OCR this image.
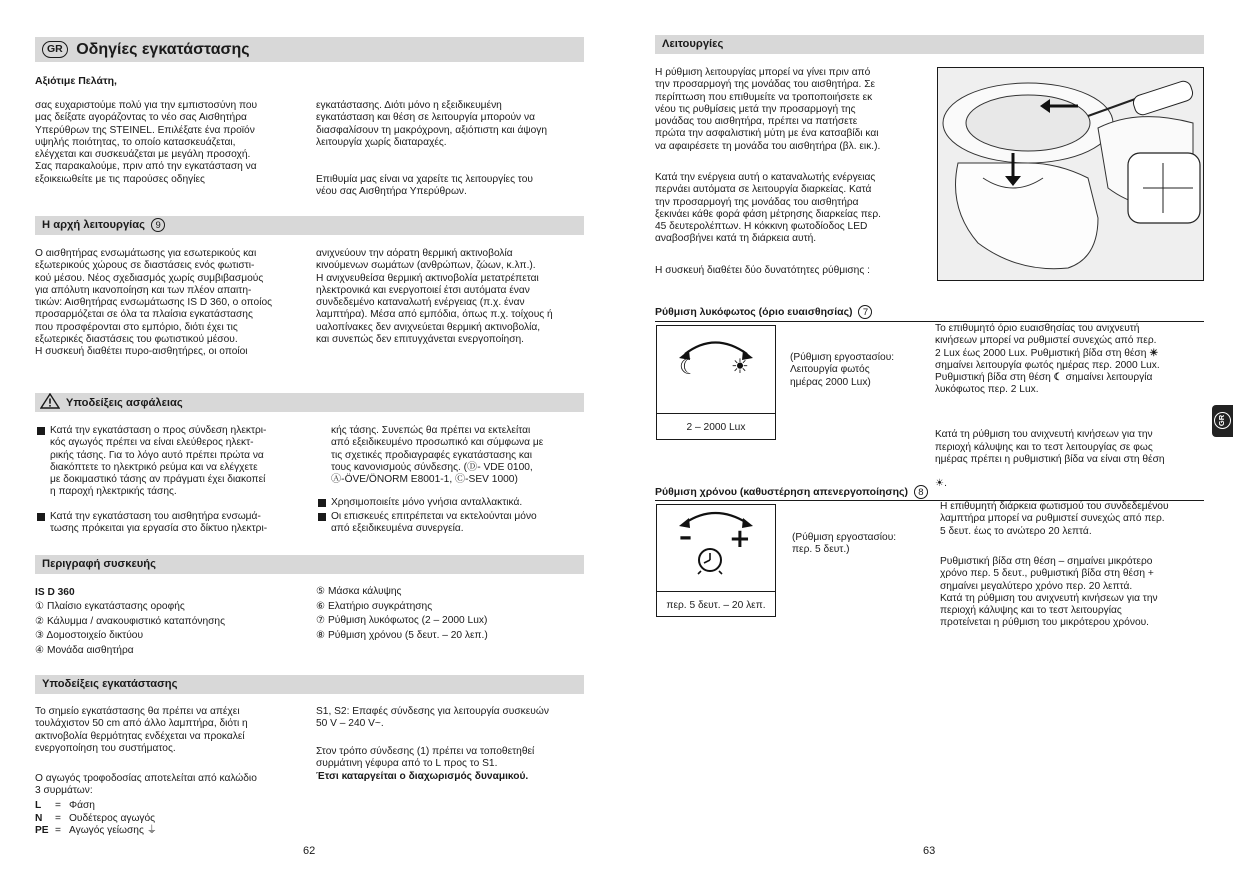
GR Οδηγίες εγκατάστασης
Αξιότιμε Πελάτη,

σας ευχαριστούμε πολύ για την εμπιστοσύνη που
μας δείξατε αγοράζοντας το νέο σας Αισθητήρα
Υπερύθρων της STEINEL. Επιλέξατε ένα προϊόν
υψηλής ποιότητας, το οποίο κατασκευάζεται,
ελέγχεται και συσκευάζεται με μεγάλη προσοχή.
Σας παρακαλούμε, πριν από την εγκατάσταση να
εξοικειωθείτε με τις παρούσες οδηγίες

εγκατάστασης. Διότι μόνο η εξειδικευμένη
εγκατάσταση και θέση σε λειτουργία μπορούν να
διασφαλίσουν τη μακρόχρονη, αξιόπιστη και άψογη
λειτουργία χωρίς διαταραχές.

Επιθυμία μας είναι να χαρείτε τις λειτουργίες του
νέου σας Αισθητήρα Υπερύθρων.

Η αρχή λειτουργίας 9

Ο αισθητήρας ενσωμάτωσης για εσωτερικούς και
εξωτερικούς χώρους σε διαστάσεις ενός φωτιστι-
κού μέσου. Νέος σχεδιασμός χωρίς συμβιβασμούς
για απόλυτη ικανοποίηση και των πλέον απαιτη-
τικών: Αισθητήρας ενσωμάτωσης IS D 360, ο οποίος
προσαρμόζεται σε όλα τα πλαίσια εγκατάστασης
που προσφέρονται στο εμπόριο, διότι έχει τις
εξωτερικές διαστάσεις του φωτιστικού μέσου.
Η συσκευή διαθέτει πυρο-αισθητήρες, οι οποίοι

ανιχνεύουν την αόρατη θερμική ακτινοβολία
κινούμενων σωμάτων (ανθρώπων, ζώων, κ.λπ.).
Η ανιχνευθείσα θερμική ακτινοβολία μετατρέπεται
ηλεκτρονικά και ενεργοποιεί έτσι αυτόματα έναν
συνδεδεμένο καταναλωτή ενέργειας (π.χ. έναν
λαμπτήρα). Μέσα από εμπόδια, όπως π.χ. τοίχους ή
υαλοπίνακες δεν ανιχνεύεται θερμική ακτινοβολία,
και συνεπώς δεν επιτυγχάνεται ενεργοποίηση.

Υποδείξεις ασφάλειας

Κατά την εγκατάσταση ο προς σύνδεση ηλεκτρι-
κός αγωγός πρέπει να είναι ελεύθερος ηλεκτ-
ρικής τάσης. Για το λόγο αυτό πρέπει πρώτα να
διακόπτετε το ηλεκτρικό ρεύμα και να ελέγχετε
με δοκιμαστικό τάσης αν πράγματι έχει διακοπεί
η παροχή ηλεκτρικής τάσης.

Κατά την εγκατάσταση του αισθητήρα ενσωμά-
τωσης πρόκειται για εργασία στο δίκτυο ηλεκτρι-

κής τάσης. Συνεπώς θα πρέπει να εκτελείται
από εξειδικευμένο προσωπικό και σύμφωνα με
τις σχετικές προδιαγραφές εγκατάστασης και
τους κανονισμούς σύνδεσης. (Ⓓ- VDE 0100,
Ⓐ-ÖVE/ÖNORM E8001-1, Ⓒ-SEV 1000)

Χρησιμοποιείτε μόνο γνήσια ανταλλακτικά.

Οι επισκευές επιτρέπεται να εκτελούνται μόνο
από εξειδικευμένα συνεργεία.

Περιγραφή συσκευής
IS D 360
① Πλαίσιο εγκατάστασης οροφής
② Κάλυμμα / ανακουφιστικό καταπόνησης
③ Δομοστοιχείο δικτύου
④ Μονάδα αισθητήρα
⑤ Μάσκα κάλυψης
⑥ Ελατήριο συγκράτησης
⑦ Ρύθμιση λυκόφωτος (2 – 2000 Lux)
⑧ Ρύθμιση χρόνου (5 δευτ. – 20 λεπ.)
Υποδείξεις εγκατάστασης

Το σημείο εγκατάστασης θα πρέπει να απέχει
τουλάχιστον 50 cm από άλλο λαμπτήρα, διότι η
ακτινοβολία θερμότητας ενδέχεται να προκαλεί
ενεργοποίηση του συστήματος.

Ο αγωγός τροφοδοσίας αποτελείται από καλώδιο
3 συρμάτων:

L = Φάση
N = Ουδέτερος αγωγός
PE = Αγωγός γείωσης ⏚

S1, S2: Επαφές σύνδεσης για λειτουργία συσκευών
50 V – 240 V~.

Στον τρόπο σύνδεσης (1) πρέπει να τοποθετηθεί
συρμάτινη γέφυρα από το L προς το S1.

Έτσι καταργείται ο διαχωρισμός δυναμικού.

62
Λειτουργίες

Η ρύθμιση λειτουργίας μπορεί να γίνει πριν από
την προσαρμογή της μονάδας του αισθητήρα. Σε
περίπτωση που επιθυμείτε να τροποποιήσετε εκ
νέου τις ρυθμίσεις μετά την προσαρμογή της
μονάδας του αισθητήρα, πρέπει να πατήσετε
πρώτα την ασφαλιστική μύτη με ένα κατσαβίδι και
να αφαιρέσετε τη μονάδα του αισθητήρα (βλ. εικ.).

Κατά την ενέργεια αυτή ο καταναλωτής ενέργειας
περνάει αυτόματα σε λειτουργία διαρκείας. Κατά
την προσαρμογή της μονάδας του αισθητήρα
ξεκινάει κάθε φορά φάση μέτρησης διαρκείας περ.
45 δευτερολέπτων. Η κόκκινη φωτοδίοδος LED
αναβοσβήνει κατά τη διάρκεια αυτή.

Η συσκευή διαθέτει δύο δυνατότητες ρύθμισης :

Ρύθμιση λυκόφωτος (όριο ευαισθησίας) 7
☾ ☀
2 – 2000 Lux

(Ρύθμιση εργοστασίου:
Λειτουργία φωτός
ημέρας 2000 Lux)

Το επιθυμητό όριο ευαισθησίας του ανιχνευτή
κινήσεων μπορεί να ρυθμιστεί συνεχώς από περ.
2 Lux έως 2000 Lux. Ρυθμιστική βίδα στη θέση ☀
σημαίνει λειτουργία φωτός ημέρας περ. 2000 Lux.
Ρυθμιστική βίδα στη θέση ☾ σημαίνει λειτουργία
λυκόφωτος περ. 2 Lux.

Κατά τη ρύθμιση του ανιχνευτή κινήσεων για την
περιοχή κάλυψης και το τεστ λειτουργίας σε φως
ημέρας πρέπει η ρυθμιστική βίδα να είναι στη θέση

☀.

Ρύθμιση χρόνου (καθυστέρηση απενεργοποίησης) 8
– +
περ. 5 δευτ. – 20 λεπ.

(Ρύθμιση εργοστασίου:
περ. 5 δευτ.)

Η επιθυμητή διάρκεια φωτισμού του συνδεδεμένου
λαμπτήρα μπορεί να ρυθμιστεί συνεχώς από περ.
5 δευτ. έως το ανώτερο 20 λεπτά.

Ρυθμιστική βίδα στη θέση – σημαίνει μικρότερο
χρόνο περ. 5 δευτ., ρυθμιστική βίδα στη θέση +
σημαίνει μεγαλύτερο χρόνο περ. 20 λεπτά.
Κατά τη ρύθμιση του ανιχνευτή κινήσεων για την
περιοχή κάλυψης και το τεστ λειτουργίας
προτείνεται η ρύθμιση του μικρότερου χρόνου.

GR
63
